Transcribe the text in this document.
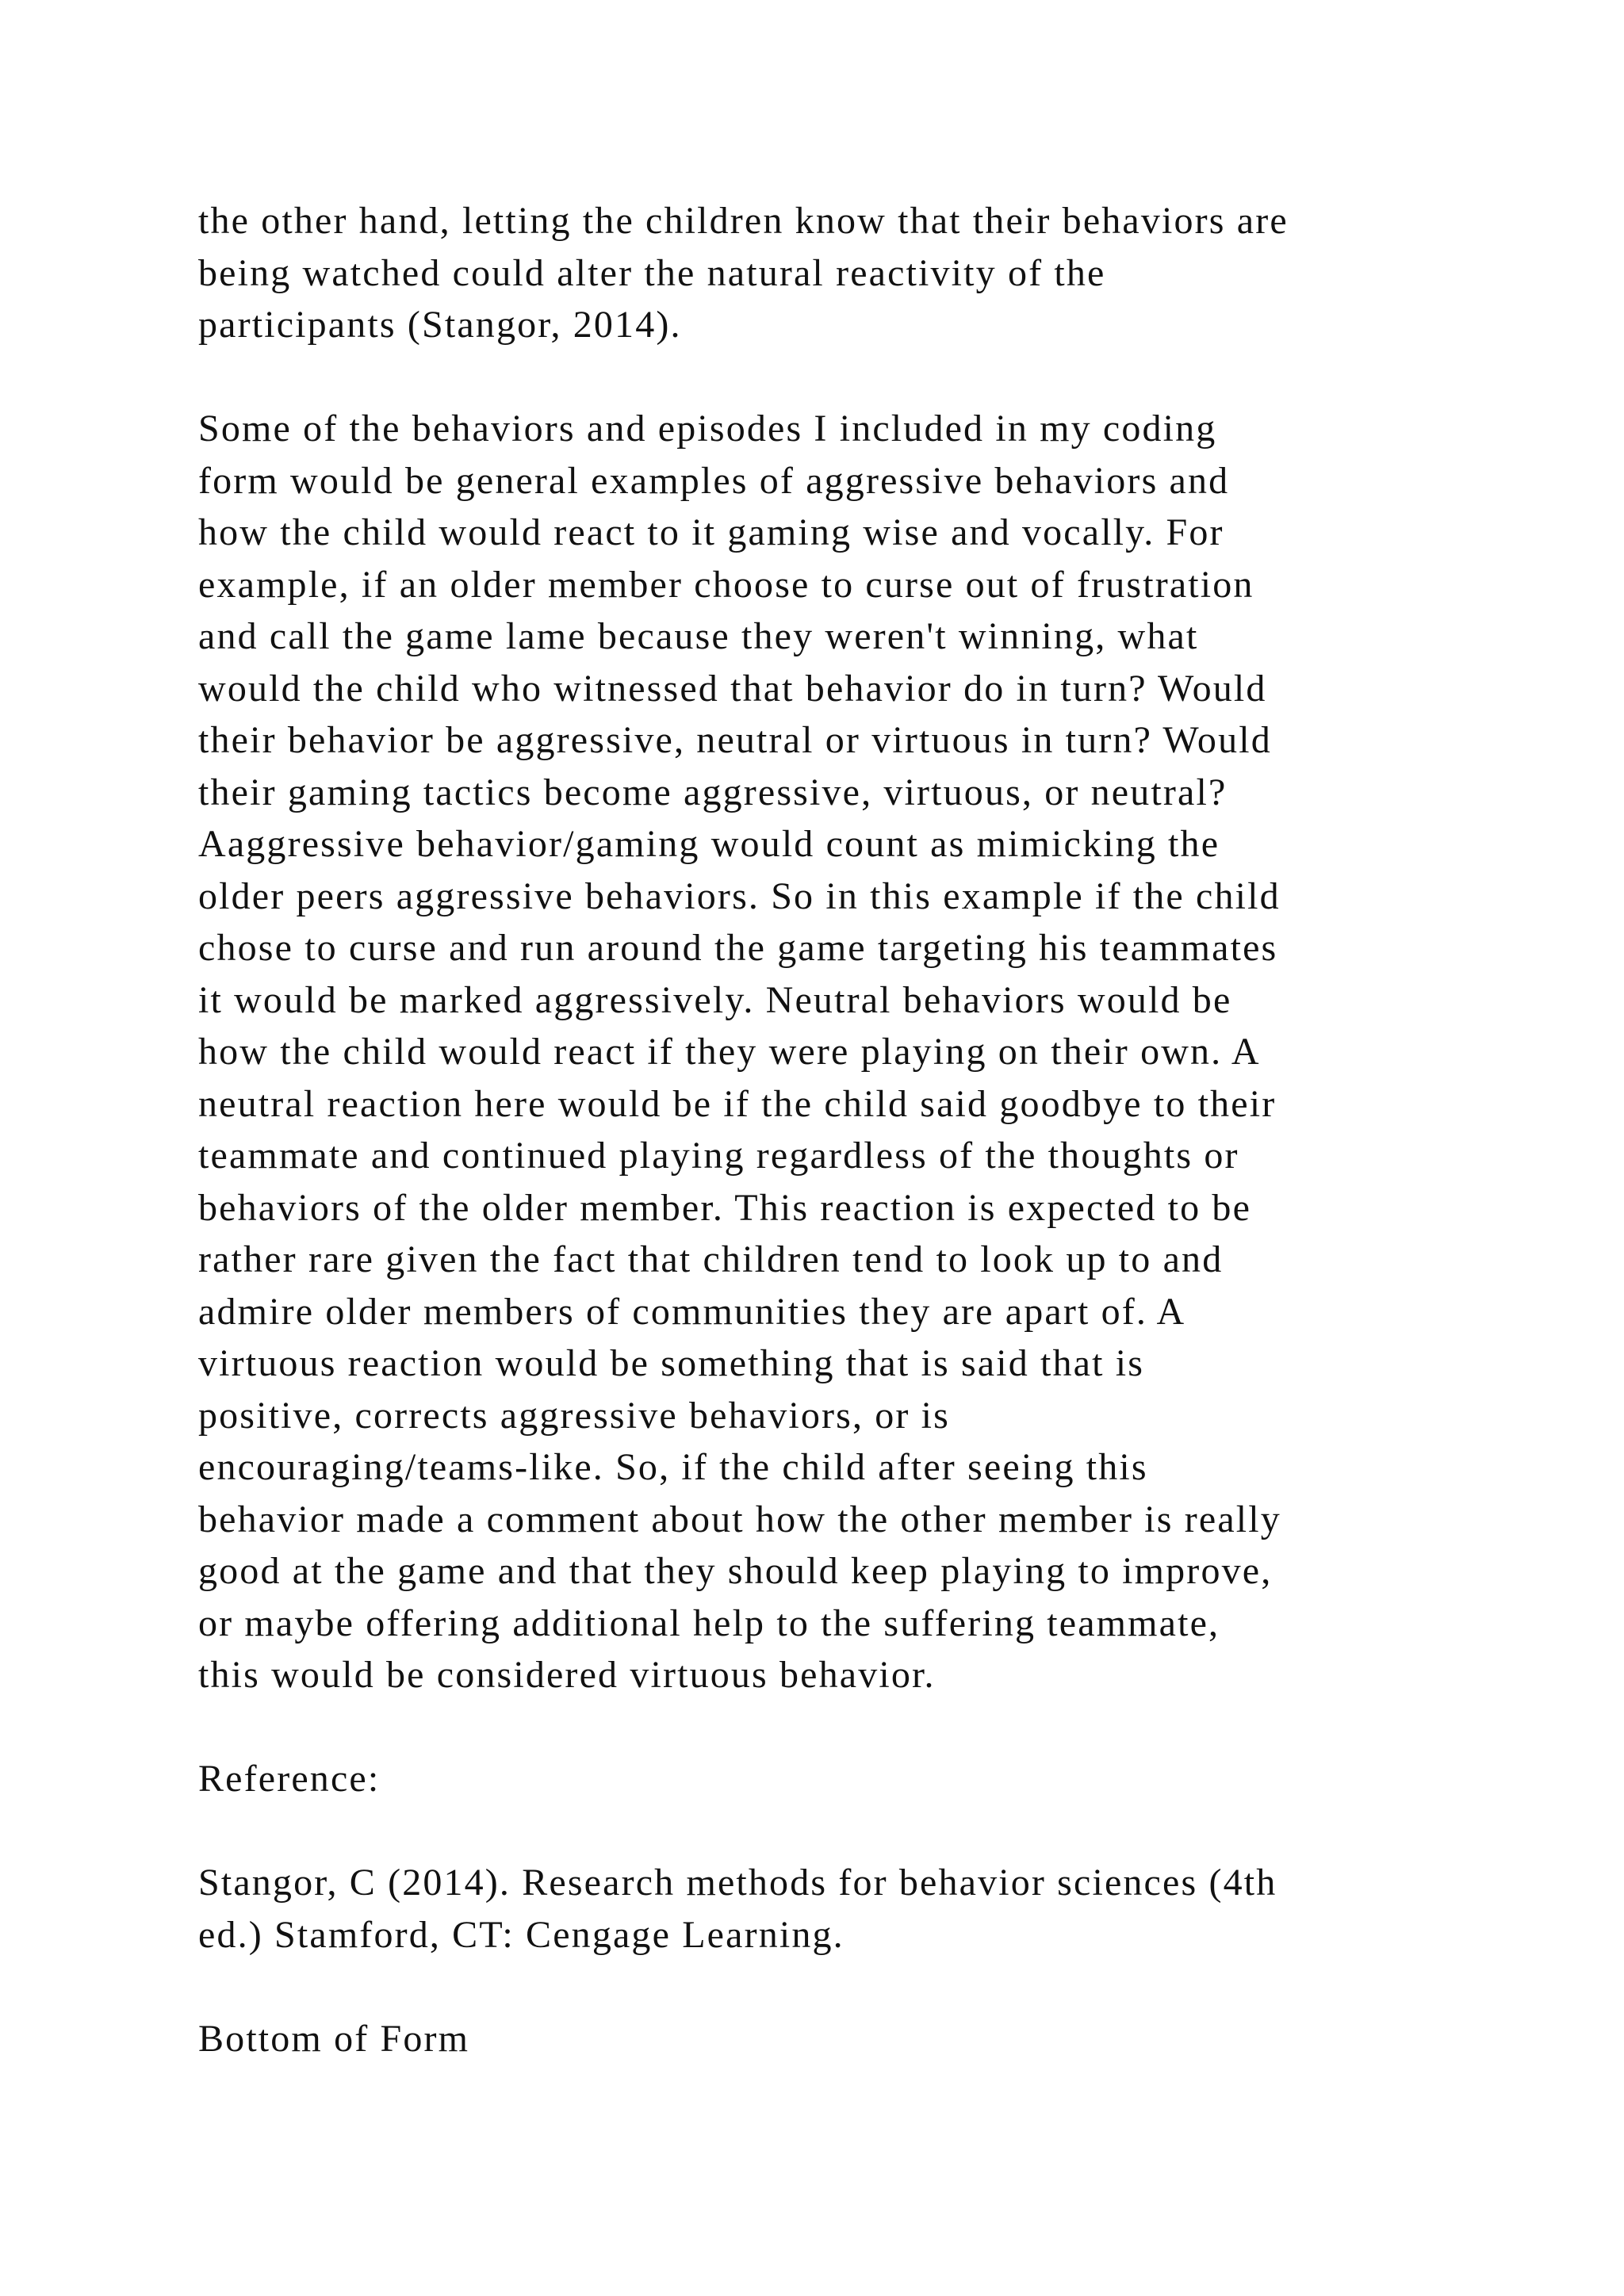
the other hand, letting the children know that their behaviors are
being watched could alter the natural reactivity of the
participants (Stangor, 2014).
Some of the behaviors and episodes I included in my coding
form would be general examples of aggressive behaviors and
how the child would react to it gaming wise and vocally. For
example, if an older member choose to curse out of frustration
and call the game lame because they weren't winning, what
would the child who witnessed that behavior do in turn? Would
their behavior be aggressive, neutral or virtuous in turn? Would
their gaming tactics become aggressive, virtuous, or neutral?
Aaggressive behavior/gaming would count as mimicking the
older peers aggressive behaviors. So in this example if the child
chose to curse and run around the game targeting his teammates
it would be marked aggressively. Neutral behaviors would be
how the child would react if they were playing on their own. A
neutral reaction here would be if the child said goodbye to their
teammate and continued playing regardless of the thoughts or
behaviors of the older member. This reaction is expected to be
rather rare given the fact that children tend to look up to and
admire older members of communities they are apart of. A
virtuous reaction would be something that is said that is
positive, corrects aggressive behaviors, or is
encouraging/teams-like. So, if the child after seeing this
behavior made a comment about how the other member is really
good at the game and that they should keep playing to improve,
or maybe offering additional help to the suffering teammate,
this would be considered virtuous behavior.
Reference:
Stangor, C (2014). Research methods for behavior sciences (4th
ed.) Stamford, CT: Cengage Learning.
Bottom of Form
